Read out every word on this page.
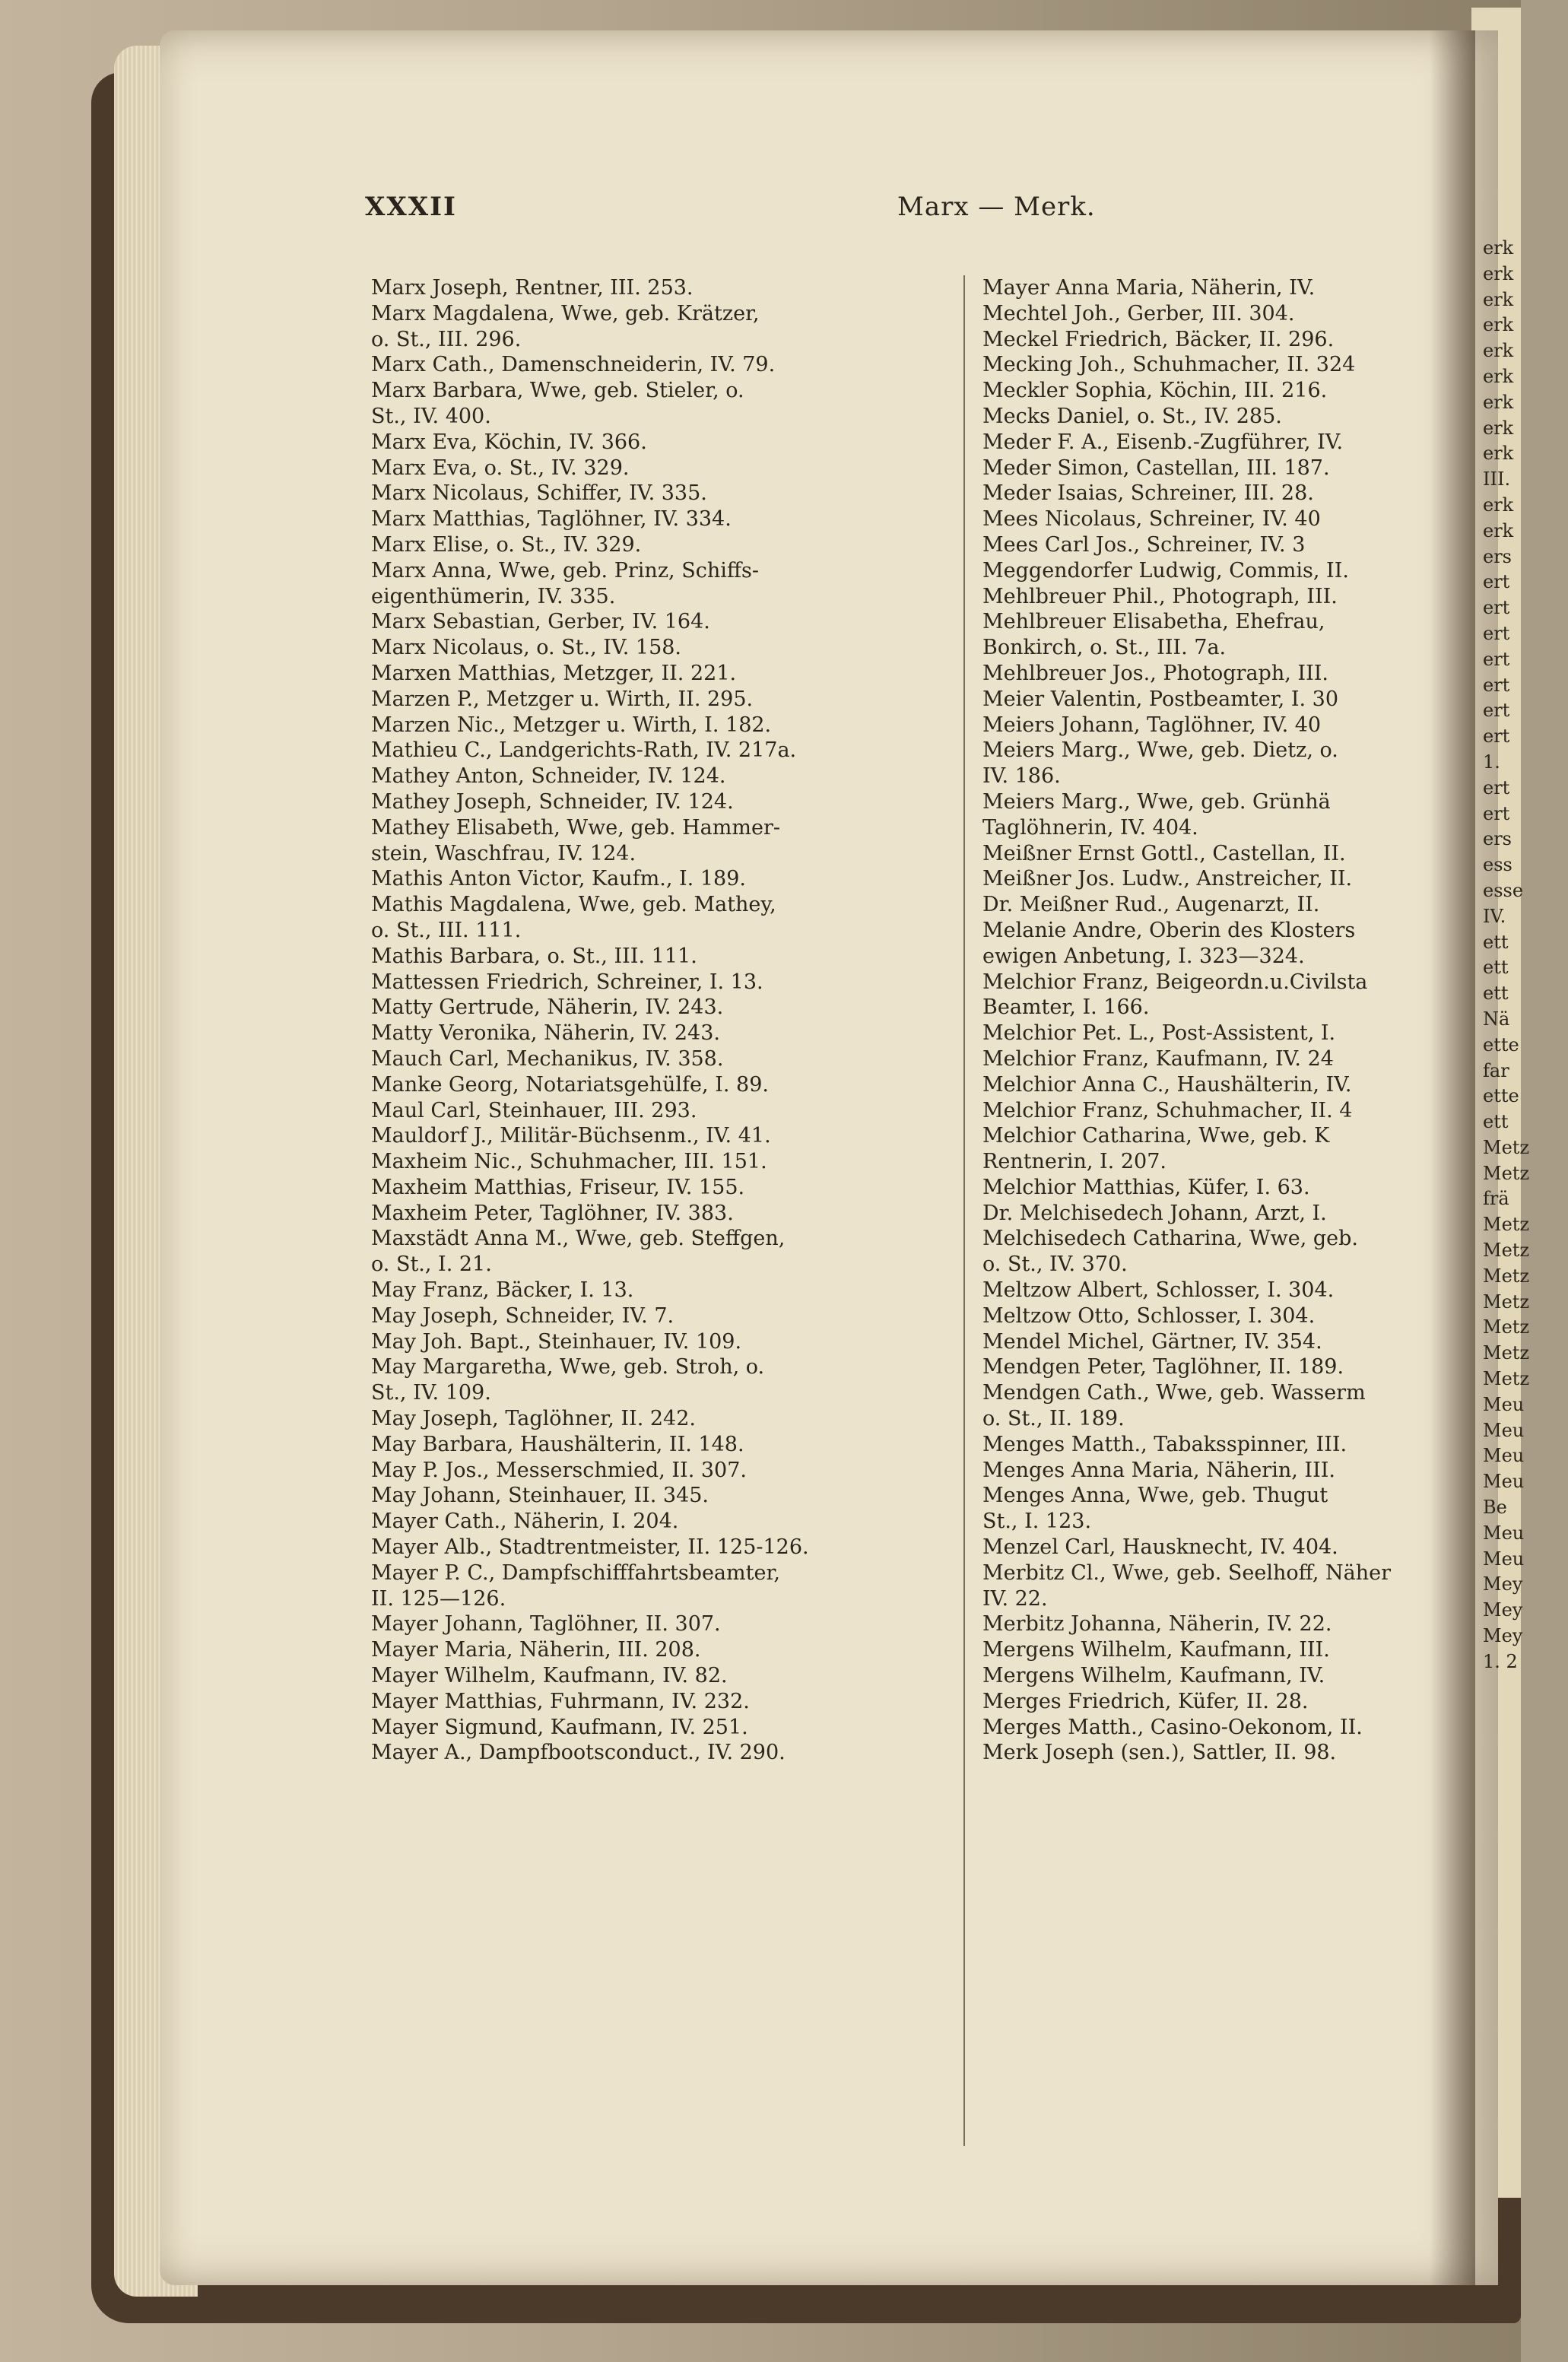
XXXII	Marx — Merk.
Marx Joseph, Rentner, III. 253.
Marx Magdalena, Wwe, geb. Krätzer,
o. St., III. 296.
Marx Cath., Damenschneiderin, IV. 79.
Marx Barbara, Wwe, geb. Stieler, o.
St., IV. 400.
Marx Eva, Köchin, IV. 366.
Marx Eva, o. St., IV. 329.
Marx Nicolaus, Schiffer, IV. 335.
Marx Matthias, Taglöhner, IV. 334.
Marx Elise, o. St., IV. 329.
Marx Anna, Wwe, geb. Prinz, Schiffs-
eigenthümerin, IV. 335.
Marx Sebastian, Gerber, IV. 164.
Marx Nicolaus, o. St., IV. 158.
Marxen Matthias, Metzger, II. 221.
Marzen P., Metzger u. Wirth, II. 295.
Marzen Nic., Metzger u. Wirth, I. 182.
Mathieu C., Landgerichts-Rath, IV. 217a.
Mathey Anton, Schneider, IV. 124.
Mathey Joseph, Schneider, IV. 124.
Mathey Elisabeth, Wwe, geb. Hammer-
stein, Waschfrau, IV. 124.
Mathis Anton Victor, Kaufm., I. 189.
Mathis Magdalena, Wwe, geb. Mathey,
o. St., III. 111.
Mathis Barbara, o. St., III. 111.
Mattessen Friedrich, Schreiner, I. 13.
Matty Gertrude, Näherin, IV. 243.
Matty Veronika, Näherin, IV. 243.
Mauch Carl, Mechanikus, IV. 358.
Manke Georg, Notariatsgehülfe, I. 89.
Maul Carl, Steinhauer, III. 293.
Mauldorf J., Militär-Büchsenm., IV. 41.
Maxheim Nic., Schuhmacher, III. 151.
Maxheim Matthias, Friseur, IV. 155.
Maxheim Peter, Taglöhner, IV. 383.
Maxstädt Anna M., Wwe, geb. Steffgen,
o. St., I. 21.
May Franz, Bäcker, I. 13.
May Joseph, Schneider, IV. 7.
May Joh. Bapt., Steinhauer, IV. 109.
May Margaretha, Wwe, geb. Stroh, o.
St., IV. 109.
May Joseph, Taglöhner, II. 242.
May Barbara, Haushälterin, II. 148.
May P. Jos., Messerschmied, II. 307.
May Johann, Steinhauer, II. 345.
Mayer Cath., Näherin, I. 204.
Mayer Alb., Stadtrentmeister, II. 125-126.
Mayer P. C., Dampfschifffahrtsbeamter,
II. 125—126.
Mayer Johann, Taglöhner, II. 307.
Mayer Maria, Näherin, III. 208.
Mayer Wilhelm, Kaufmann, IV. 82.
Mayer Matthias, Fuhrmann, IV. 232.
Mayer Sigmund, Kaufmann, IV. 251.
Mayer A., Dampfbootsconduct., IV. 290.
Mayer Anna Maria, Näherin, IV.
Mechtel Joh., Gerber, III. 304.
Meckel Friedrich, Bäcker, II. 296.
Mecking Joh., Schuhmacher, II. 324
Meckler Sophia, Köchin, III. 216.
Mecks Daniel, o. St., IV. 285.
Meder F. A., Eisenb.-Zugführer, IV.
Meder Simon, Castellan, III. 187.
Meder Isaias, Schreiner, III. 28.
Mees Nicolaus, Schreiner, IV. 40
Mees Carl Jos., Schreiner, IV. 3
Meggendorfer Ludwig, Commis, II.
Mehlbreuer Phil., Photograph, III.
Mehlbreuer Elisabetha, Ehefrau,
Bonkirch, o. St., III. 7a.
Mehlbreuer Jos., Photograph, III.
Meier Valentin, Postbeamter, I. 30
Meiers Johann, Taglöhner, IV. 40
Meiers Marg., Wwe, geb. Dietz, o.
IV. 186.
Meiers Marg., Wwe, geb. Grünhä
Taglöhnerin, IV. 404.
Meißner Ernst Gottl., Castellan, II.
Meißner Jos. Ludw., Anstreicher, II.
Dr. Meißner Rud., Augenarzt, II.
Melanie Andre, Oberin des Klosters
ewigen Anbetung, I. 323—324.
Melchior Franz, Beigeordn.u.Civilsta
Beamter, I. 166.
Melchior Pet. L., Post-Assistent, I.
Melchior Franz, Kaufmann, IV. 24
Melchior Anna C., Haushälterin, IV.
Melchior Franz, Schuhmacher, II. 4
Melchior Catharina, Wwe, geb. K
Rentnerin, I. 207.
Melchior Matthias, Küfer, I. 63.
Dr. Melchisedech Johann, Arzt, I.
Melchisedech Catharina, Wwe, geb.
o. St., IV. 370.
Meltzow Albert, Schlosser, I. 304.
Meltzow Otto, Schlosser, I. 304.
Mendel Michel, Gärtner, IV. 354.
Mendgen Peter, Taglöhner, II. 189.
Mendgen Cath., Wwe, geb. Wasserm
o. St., II. 189.
Menges Matth., Tabaksspinner, III.
Menges Anna Maria, Näherin, III.
Menges Anna, Wwe, geb. Thugut
St., I. 123.
Menzel Carl, Hausknecht, IV. 404.
Merbitz Cl., Wwe, geb. Seelhoff, Näher
IV. 22.
Merbitz Johanna, Näherin, IV. 22.
Mergens Wilhelm, Kaufmann, III.
Mergens Wilhelm, Kaufmann, IV.
Merges Friedrich, Küfer, II. 28.
Merges Matth., Casino-Oekonom, II.
Merk Joseph (sen.), Sattler, II. 98.
erk
erk
erk
erk
erk
erk
erk
erk
erk
III.
erk
erk
ers
ert
ert
ert
ert
ert
ert
ert
1.
ert
ert
ers
ess
esse
IV.
ett
ett
ett
Nä
ette
far
ette
ett
Metz
Metz
frä
Metz
Metz
Metz
Metz
Metz
Metz
Metz
Meu
Meu
Meu
Meu
Be
Meu
Meu
Mey
Mey
Mey
1. 2
